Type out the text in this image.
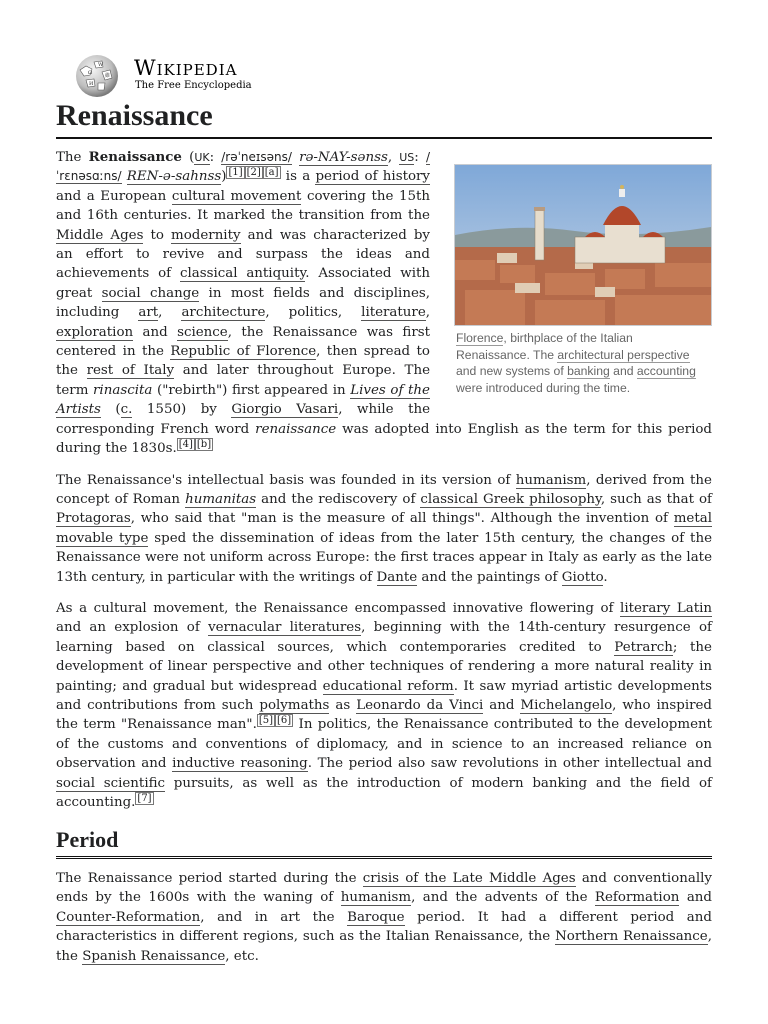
Ω
W
維
И
Wikipedia
The Free Encyclopedia
Renaissance
Florence, birthplace of the Italian Renaissance. The architectural perspective and new systems of banking and accounting were introduced during the time.

The Renaissance (UK: /rəˈneɪsəns/ rə-NAY-sənss, US: /ˈrɛnəsɑːns/ REN-ə-sahnss) [1] [2] [a] is a period of history and a European cultural movement covering the 15th and 16th centuries. It marked the transition from the Middle Ages to modernity and was characterized by an effort to revive and surpass the ideas and achievements of classical antiquity. Associated with great social change in most fields and disciplines, including art, architecture, politics, literature, exploration and science, the Renaissance was first centered in the Republic of Florence, then spread to the rest of Italy and later throughout Europe. The term rinascita ("rebirth") first appeared in Lives of the Artists (c. 1550) by Giorgio Vasari, while the corresponding French word renaissance was adopted into English as the term for this period during the 1830s. [4] [b]

The Renaissance's intellectual basis was founded in its version of humanism, derived from the concept of Roman humanitas and the rediscovery of classical Greek philosophy, such as that of Protagoras, who said that "man is the measure of all things". Although the invention of metal movable type sped the dissemination of ideas from the later 15th century, the changes of the Renaissance were not uniform across Europe: the first traces appear in Italy as early as the late 13th century, in particular with the writings of Dante and the paintings of Giotto.

As a cultural movement, the Renaissance encompassed innovative flowering of literary Latin and an explosion of vernacular literatures, beginning with the 14th-century resurgence of learning based on classical sources, which contemporaries credited to Petrarch; the development of linear perspective and other techniques of rendering a more natural reality in painting; and gradual but widespread educational reform. It saw myriad artistic developments and contributions from such polymaths as Leonardo da Vinci and Michelangelo, who inspired the term "Renaissance man". [5] [6] In politics, the Renaissance contributed to the development of the customs and conventions of diplomacy, and in science to an increased reliance on observation and inductive reasoning. The period also saw revolutions in other intellectual and social scientific pursuits, as well as the introduction of modern banking and the field of accounting. [7]

Period

The Renaissance period started during the crisis of the Late Middle Ages and conventionally ends by the 1600s with the waning of humanism, and the advents of the Reformation and Counter-Reformation, and in art the Baroque period. It had a different period and characteristics in different regions, such as the Italian Renaissance, the Northern Renaissance, the Spanish Renaissance, etc.
